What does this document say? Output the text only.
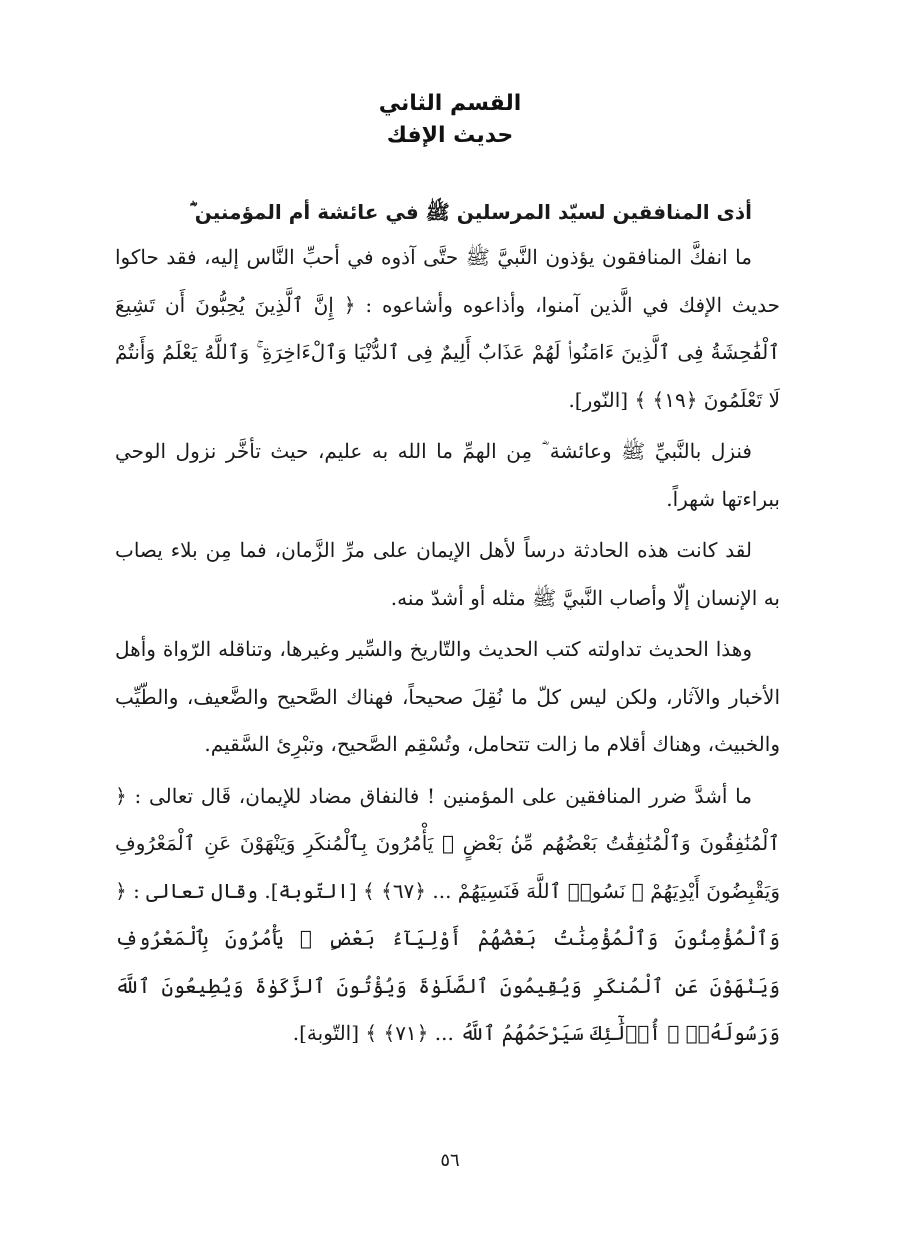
القسم الثاني
حديث الإفك
أذى المنافقين لسيّد المرسلين ﷺ في عائشة أم المؤمنين ؓ

ما انفكَّ المنافقون يؤذون النَّبيَّ ﷺ حتَّى آذوه في أحبِّ النَّاس إليه، فقد حاكوا حديث الإفك في الَّذين آمنوا، وأذاعوه وأشاعوه : ﴿ إِنَّ ٱلَّذِينَ يُحِبُّونَ أَن تَشِيعَ ٱلْفَٰحِشَةُ فِى ٱلَّذِينَ ءَامَنُوا۟ لَهُمْ عَذَابٌ أَلِيمٌ فِى ٱلدُّنْيَا وَٱلْءَاخِرَةِ ۚ وَٱللَّهُ يَعْلَمُ وَأَنتُمْ لَا تَعْلَمُونَ ﴿١٩﴾ ﴾ [النّور].

فنزل بالنَّبيِّ ﷺ وعائشة ؓ مِن الهمِّ ما الله به عليم، حيث تأخَّر نزول الوحي ببراءتها شهراً.

لقد كانت هذه الحادثة درساً لأهل الإيمان على مرِّ الزَّمان، فما مِن بلاء يصاب به الإنسان إلّا وأصاب النَّبيَّ ﷺ مثله أو أشدّ منه.

وهذا الحديث تداولته كتب الحديث والتّاريخ والسِّير وغيرها، وتناقله الرّواة وأهل الأخبار والآثار، ولكن ليس كلّ ما نُقِلَ صحيحاً، فهناك الصَّحيح والضَّعيف، والطّيِّب والخبيث، وهناك أقلام ما زالت تتحامل، وتُسْقِم الصَّحيح، وتبْرِئ السَّقيم.

ما أشدَّ ضرر المنافقين على المؤمنين ! فالنفاق مضاد للإيمان، قَال تعالى : ﴿ ٱلْمُنَٰفِقُونَ وَٱلْمُنَٰفِقَٰتُ بَعْضُهُم مِّنۢ بَعْضٍ ۚ يَأْمُرُونَ بِٱلْمُنكَرِ وَيَنْهَوْنَ عَنِ ٱلْمَعْرُوفِ وَيَقْبِضُونَ أَيْدِيَهُمْ ۚ نَسُوا۟ ٱللَّهَ فَنَسِيَهُمْ ... ﴿٦٧﴾ ﴾ [التّوبة]. وقال تعالى : ﴿ وَٱلْمُؤْمِنُونَ وَٱلْمُؤْمِنَٰتُ بَعْضُهُمْ أَوْلِيَآءُ بَعْضٍ ۚ يَأْمُرُونَ بِٱلْمَعْرُوفِ وَيَنْهَوْنَ عَنِ ٱلْمُنكَرِ وَيُقِيمُونَ ٱلصَّلَوٰةَ وَيُؤْتُونَ ٱلزَّكَوٰةَ وَيُطِيعُونَ ٱللَّهَ وَرَسُولَهُۥٓ ۚ أُو۟لَٰٓئِكَ سَيَرْحَمُهُمُ ٱللَّهُ ... ﴿٧١﴾ ﴾ [التّوبة].

٥٦
